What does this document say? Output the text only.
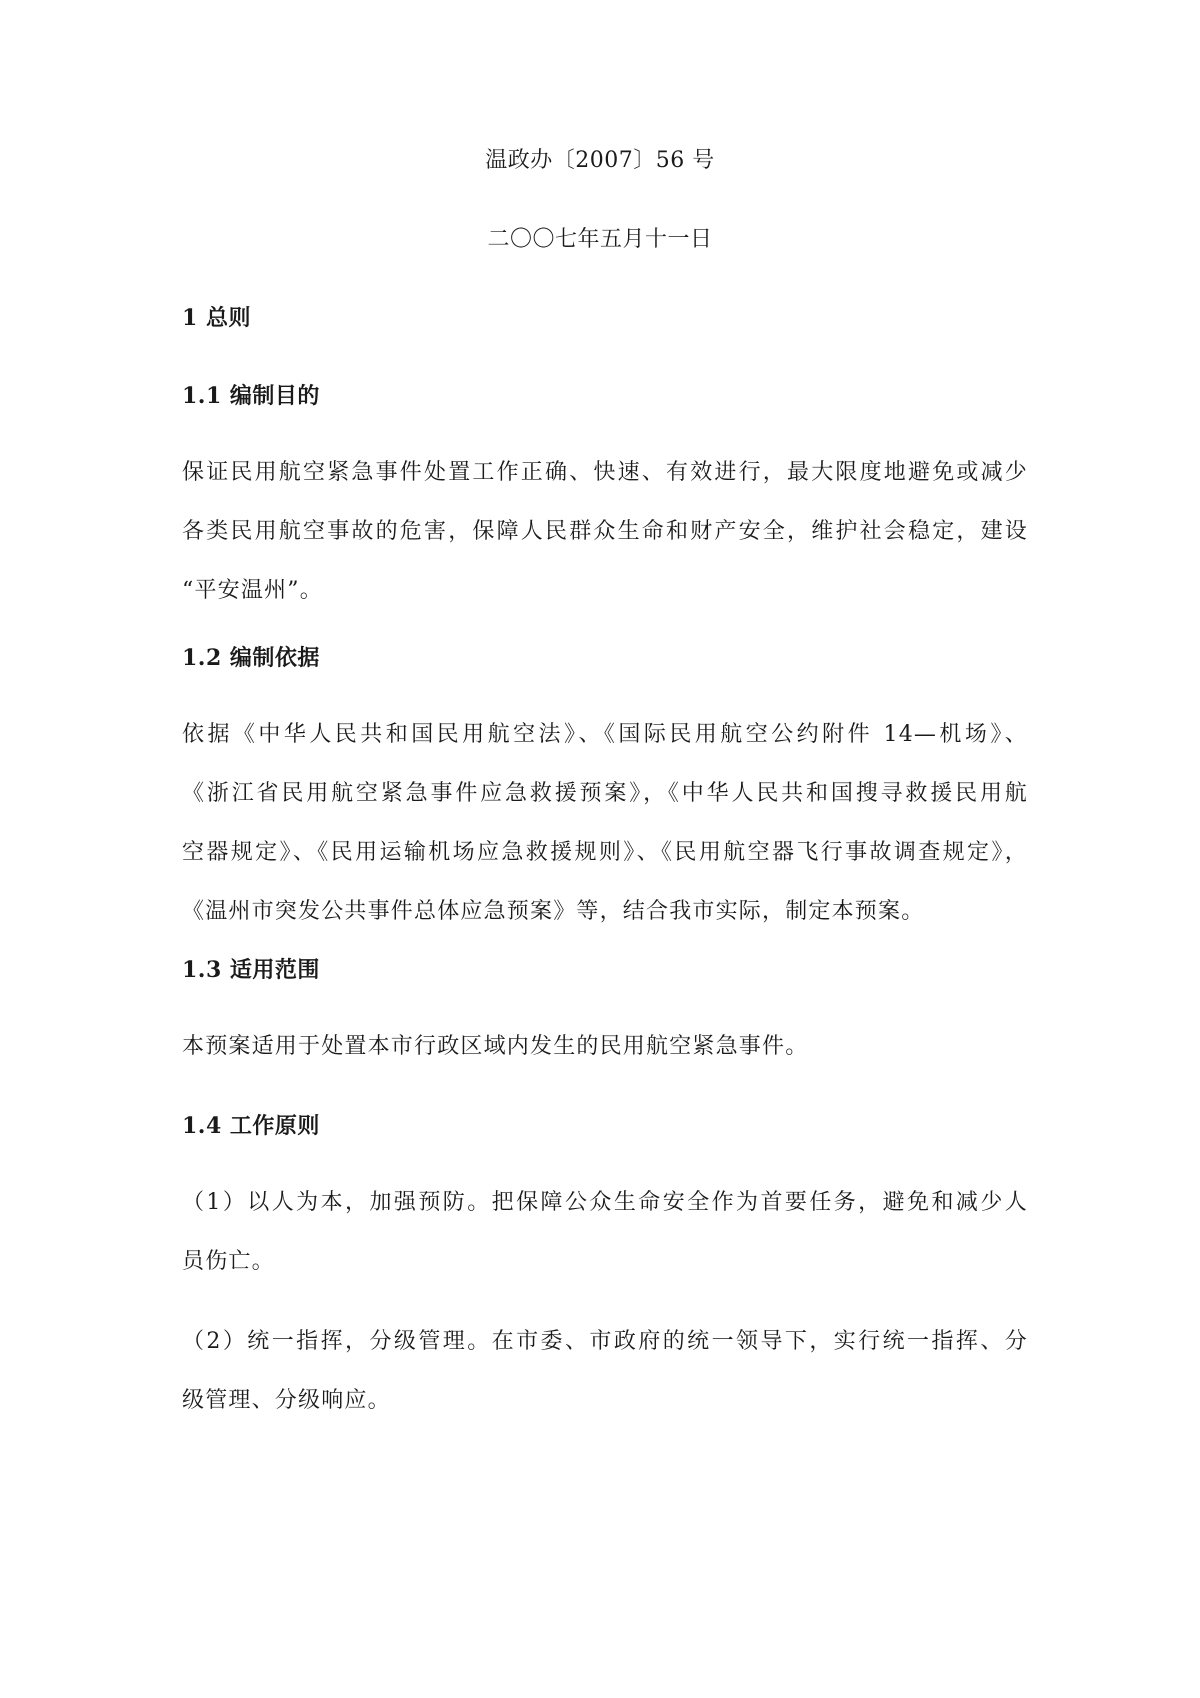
温政办〔2007〕56 号
二〇〇七年五月十一日
1 总则
1.1 编制目的
保证民用航空紧急事件处置工作正确、快速、有效进行，最大限度地避免或减少
各类民用航空事故的危害，保障人民群众生命和财产安全，维护社会稳定，建设
“平安温州”。
1.2 编制依据
依据《中华人民共和国民用航空法》、《国际民用航空公约附件 14—机场》、
《浙江省民用航空紧急事件应急救援预案》，《中华人民共和国搜寻救援民用航
空器规定》、《民用运输机场应急救援规则》、《民用航空器飞行事故调查规定》，
《温州市突发公共事件总体应急预案》等，结合我市实际，制定本预案。
1.3 适用范围
本预案适用于处置本市行政区域内发生的民用航空紧急事件。
1.4 工作原则
（1）以人为本，加强预防。把保障公众生命安全作为首要任务，避免和减少人
员伤亡。
（2）统一指挥，分级管理。在市委、市政府的统一领导下，实行统一指挥、分
级管理、分级响应。
